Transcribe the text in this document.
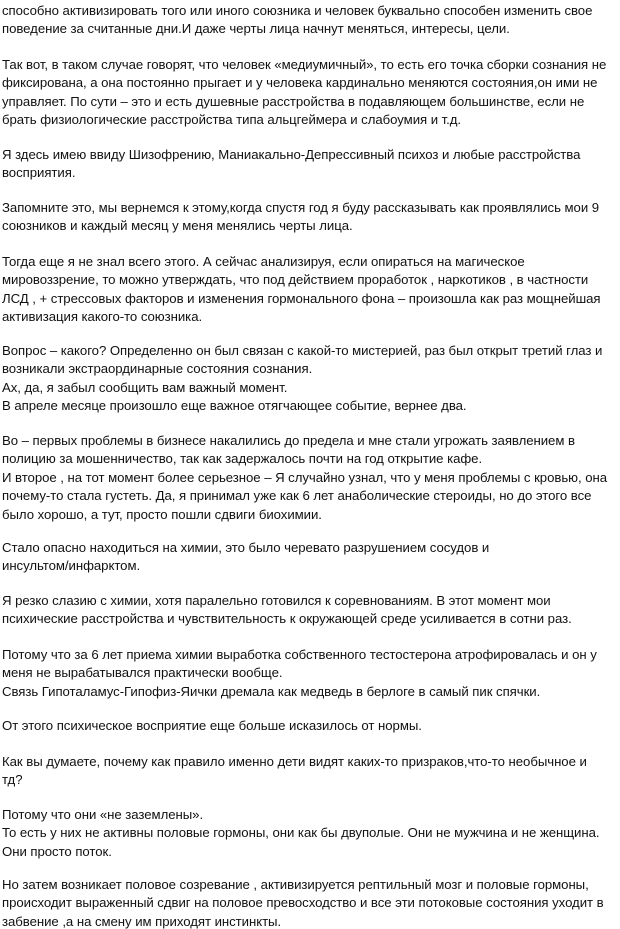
способно активизировать того или иного союзника и человек буквально способен изменить свое
поведение за считанные дни.И даже черты лица начнут меняться, интересы, цели.
Так вот, в таком случае говорят, что человек «медиумичный», то есть его точка сборки сознания не
фиксирована, а она постоянно прыгает и у человека кардинально меняются состояния,он ими не
управляет. По сути – это и есть душевные расстройства в подавляющем большинстве, если не
брать физиологические расстройства типа альцгеймера и слабоумия и т.д.
Я здесь имею ввиду Шизофрению, Маниакально-Депрессивный психоз и любые расстройства
восприятия.
Запомните это, мы вернемся к этому,когда спустя год я буду рассказывать как проявлялись мои 9
союзников и каждый месяц у меня менялись черты лица.
Тогда еще я не знал всего этого. А сейчас анализируя, если опираться на магическое
мировоззрение, то можно утверждать, что под действием проработок , наркотиков , в частности
ЛСД , + стрессовых факторов и изменения гормонального фона – произошла как раз мощнейшая
активизация какого-то союзника.
Вопрос – какого? Определенно он был связан с какой-то мистерией, раз был открыт третий глаз и
возникали экстраординарные состояния сознания.
Ах, да, я забыл сообщить вам важный момент.
В апреле месяце произошло еще важное отягчающее событие, вернее два.
Во – первых проблемы в бизнесе накалились до предела и мне стали угрожать заявлением в
полицию за мошенничество, так как задержалось почти на год открытие кафе.
И второе , на тот момент более серьезное – Я случайно узнал, что у меня проблемы с кровью, она
почему-то стала густеть. Да, я принимал уже как 6 лет анаболические стероиды, но до этого все
было хорошо, а тут, просто пошли сдвиги биохимии.
Стало опасно находиться на химии, это было черевато разрушением сосудов и
инсультом/инфарктом.
Я резко слазию с химии, хотя паралельно готовился к соревнованиям. В этот момент мои
психические расстройства и чувствительность к окружающей среде усиливается в сотни раз.
Потому что за 6 лет приема химии выработка собственного тестостерона атрофировалась и он у
меня не вырабатывался практически вообще.
Связь Гипоталамус-Гипофиз-Яички дремала как медведь в берлоге в самый пик спячки.
От этого психическое восприятие еще больше исказилось от нормы.
Как вы думаете, почему как правило именно дети видят каких-то призраков,что-то необычное и
тд?
Потому что они «не заземлены».
То есть у них не активны половые гормоны, они как бы двуполые. Они не мужчина и не женщина.
Они просто поток.
Но затем возникает половое созревание , активизируется рептильный мозг и половые гормоны,
происходит выраженный сдвиг на половое превосходство и все эти потоковые состояния уходит в
забвение ,а на смену им приходят инстинкты.
